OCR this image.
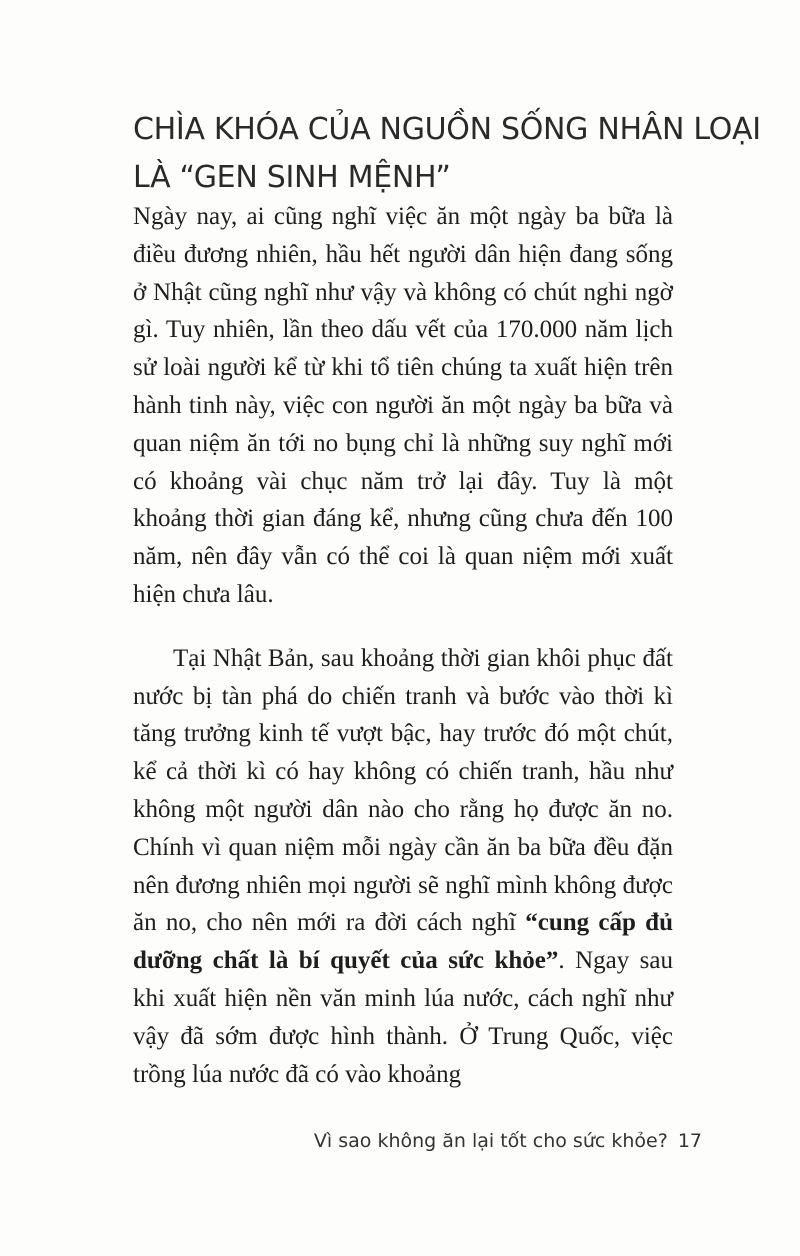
CHÌA KHÓA CỦA NGUỒN SỐNG NHÂN LOẠI
LÀ “GEN SINH MỆNH”

Ngày nay, ai cũng nghĩ việc ăn một ngày ba bữa là điều đương nhiên, hầu hết người dân hiện đang sống ở Nhật cũng nghĩ như vậy và không có chút nghi ngờ gì. Tuy nhiên, lần theo dấu vết của 170.000 năm lịch sử loài người kể từ khi tổ tiên chúng ta xuất hiện trên hành tinh này, việc con người ăn một ngày ba bữa và quan niệm ăn tới no bụng chỉ là những suy nghĩ mới có khoảng vài chục năm trở lại đây. Tuy là một khoảng thời gian đáng kể, nhưng cũng chưa đến 100 năm, nên đây vẫn có thể coi là quan niệm mới xuất hiện chưa lâu.

Tại Nhật Bản, sau khoảng thời gian khôi phục đất nước bị tàn phá do chiến tranh và bước vào thời kì tăng trưởng kinh tế vượt bậc, hay trước đó một chút, kể cả thời kì có hay không có chiến tranh, hầu như không một người dân nào cho rằng họ được ăn no. Chính vì quan niệm mỗi ngày cần ăn ba bữa đều đặn nên đương nhiên mọi người sẽ nghĩ mình không được ăn no, cho nên mới ra đời cách nghĩ “cung cấp đủ dưỡng chất là bí quyết của sức khỏe”. Ngay sau khi xuất hiện nền văn minh lúa nước, cách nghĩ như vậy đã sớm được hình thành. Ở Trung Quốc, việc trồng lúa nước đã có vào khoảng

Vì sao không ăn lại tốt cho sức khỏe? 17
